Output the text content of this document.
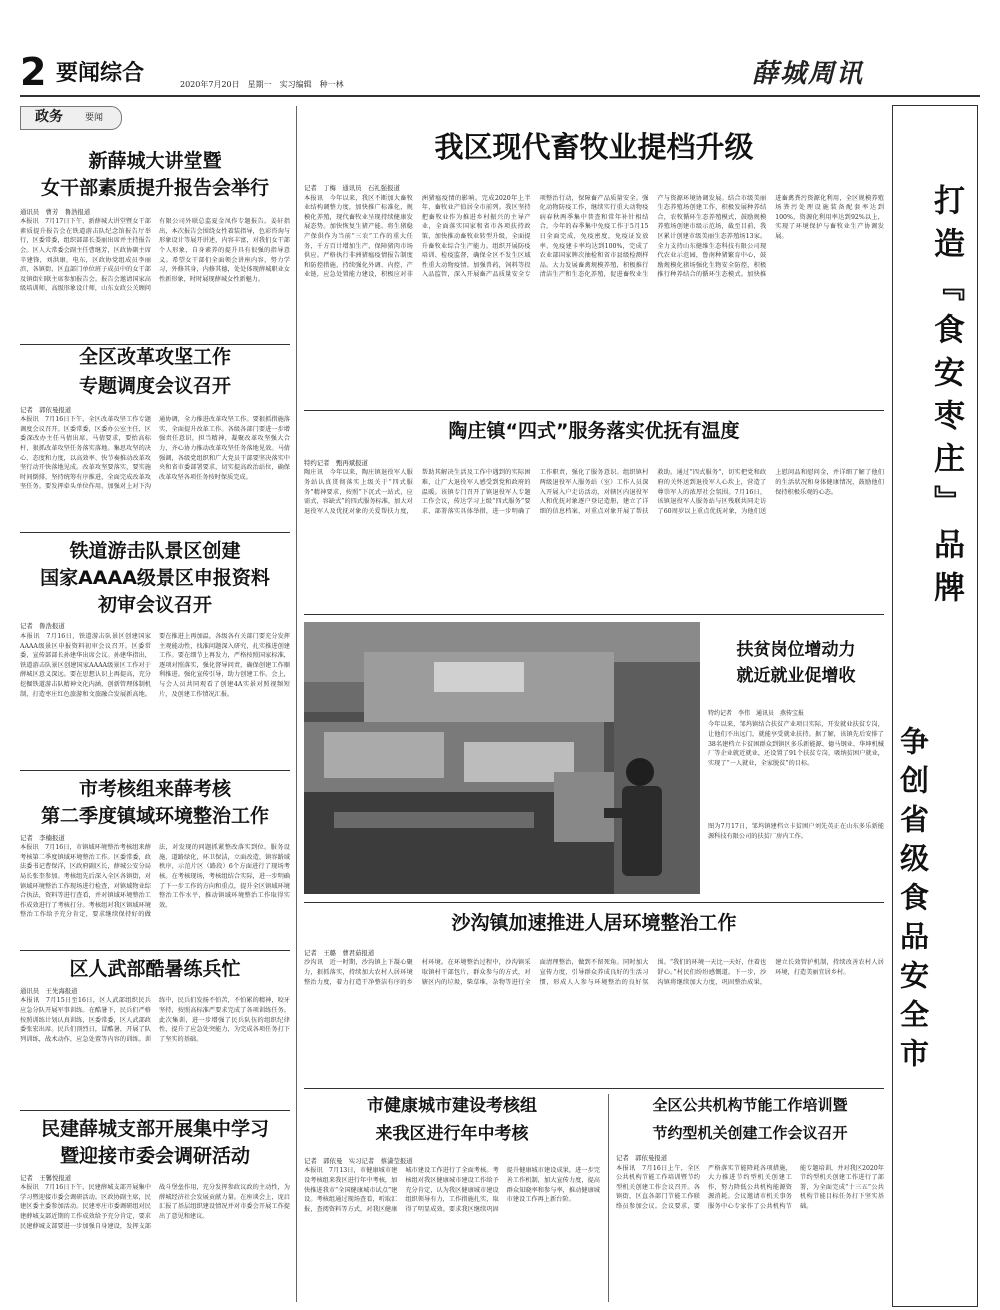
2 要闻综合	2020年7月20日　星期一　实习编辑　种一林	薛城周讯
政务 要闻
打造『食安枣庄』品牌
争创省级食品安全市
新薛城大讲堂暨
女干部素质提升报告会举行
通讯员　曹芳　鲁浩报道
本报讯　7月17日下午，新薛城大讲堂暨女干部素质提升报告会在铁道游击队纪念馆报告厅举行，区委常委，组织部部长娄丽出席并主持报告会。区人大常委会副主任曹继芳，区政协副主席辛建锋，刘洪康，电东，区政协党组成员李丽滨，各镇街、区直部门单位班子成员中的女干部及镇街妇联主席参加报告会。报告会邀请国家高级培训师，高级形象设计师，山东女政公关顾问有限公司外联总监夏金凤作专题报告。姜轩指出，本次报告会围绕女性着装指导，色彩咨询与形象设计等展开讲述，内容丰富，对我们女干部个人形象，自身素养的提升具有很强的指导意义。希望女干部们全面领会讲座内容，努力学习，外修其身，内修其德，处处体现薛城职业女性新形象，时时展现薛城女性新魅力。
全区改革攻坚工作
专题调度会议召开
记者　郭依曼报道
本报讯　7月16日下午，全区改革攻坚工作专题调度会议召开。区委常委，区委办公室主任，区委深改办主任马倩出席。马倩要求，要抬高标杆，狠抓改革攻坚任务落实落地。集思攻坚的决心、态度和力度，以高效率、快节奏推动改革攻坚行动开快落地见成。改革攻坚要落实，要实施时间倒排，坚持统筹有序推进，全面完成改革攻坚任务。要发挥牵头单位作用，加强对上对下沟通协调，全力推进改革攻坚工作。要狠抓措施落实，全面提升改革工作。各级各部门要进一步增强责任意识，担当精神，凝聚改革攻坚强大合力，齐心协力推动改革攻坚任务落地见效。马倩强调，各级党组织和广大党员干部要坚决落实中央和省市委部署要求，切实提高政治站位，确保改革攻坚各项任务按时保质完成。
铁道游击队景区创建
国家AAAA级景区申报资料
初审会议召开
记者　鲁浩报道
本报讯　7月16日，铁道游击队景区创建国家AAAA级景区申报资料初审会议召开。区委常委，宣传部部长孙建华出席会议。孙建华指出，铁道游击队景区创建国家AAAA级景区工作对于薛城区意义深远。要在思想认识上再提高，充分挖掘铁道游击队精神文化内涵，创新管理体制机制，打造枣庄红色旅游和文旅融合发展新高地。要在推进上再加温，各级各有关部门要充分发挥主观能动性，找准问题深入研究，扎实推进创建工作。要在细节上再发力，严格按照国家标准，逐项对照落实，强化督导问责，确保创建工作顺利推进。强化宣传引导，助力创建工作。会上，与会人员共同观看了创建4A实景对照视频短片，及创建工作情况汇报。
市考核组来薛考核
第二季度镇域环境整治工作
记者　李楠报道
本报讯　7月16日，市镇域环境整治考核组来薛考核第二季度镇域环境整治工作。区委常委，政法委书记曹保洋，区政府副区长，薛城公安分局局长张奎参加。考核组先后深入全区各镇街，对镇域环境整治工作现场进行检查，对镇域物业综合执法，资料等进行查看，并对镇域环境整治工作成效进行了考核打分。考核组对我区镇域环境整治工作给予充分肯定，要求继续保持好的做法，对发现的问题抓紧整改落实到位。服务设施，道路绿化，环卫保洁，立面改造，镇容路域秩序，示范片区（路段）6个方面进行了现场考核。在考核现场，考核组结合实际，进一步明确了下一步工作的方向和重点，提升全区镇域环境整治工作水平，推动镇域环境整治工作取得实效。
区人武部酷暑练兵忙
通讯员　王先海报道
本报讯　7月15日至16日，区人武部组织民兵应急分队开展军事训练。在酷暑下，民兵们严格按照训练计划认真训练，区委常委，区人武部政委张宏出席。民兵们顶烈日，冒酷暑，开展了队列训练，战术动作，应急处置等内容的训练。训练中，民兵们发扬不怕苦，不怕累的精神，咬牙坚持，按照高标准严要求完成了各项训练任务。此次集训，进一步增强了民兵队伍的组织纪律性，提升了应急处突能力，为完成各项任务打下了坚实的基础。
民建薛城支部开展集中学习
暨迎接市委会调研活动
记者　王馨悦报道
本报讯　7月16日下午，民建薛城支部开展集中学习暨迎接市委会调研活动。区政协副主席，民建区委主委参加活动。民建枣庄市委调研组对民建薛城支部近期的工作成效给予充分肯定，要求民建薛城支部要进一步加强自身建设，发挥支部战斗堡垒作用，充分发挥参政议政的主动性，为薛城经济社会发展贡献力量。在座谈会上，庞启汇报了基层组织建设情况并对市委会开展工作提出了意见和建议。
我区现代畜牧业提档升级
记者　丁梅　通讯员　石礼强报道
本报讯　今年以来，我区不断加大畜牧业结构调整力度，加快推广标准化，规模化养殖，现代畜牧业呈现持续健康发展态势。加快恢复生猪产能。将生猪稳产保供作为当前“三农”工作的重大任务，千方百计增加生产，保障猪肉市场供应。严格执行非洲猪瘟疫情报告制度和防控措施，持续强化外调、内控，产业链，应急处置能力建设，积极应对非洲猪瘟疫情的影响。完成2020年上半年，畜牧业产值居全市前列。我区坚持把畜牧业作为推进乡村振兴的主导产业，全面落实国家和省市各项扶持政策，加快推动畜牧业转型升级，全面提升畜牧业综合生产能力。组织开展防疫培训、检疫监督，确保全区不发生区域性重大动物疫情。加强兽药，饲料等投入品监管，深入开展畜产品质量安全专项整治行动，保障畜产品质量安全。强化动物防疫工作，继续实行重大动物疫病春秋两季集中普查和常年补针相结合，今年的春季集中免疫工作于5月15日全面完成，免疫密度，免疫证发放率，免疫建卡率均达到100%，完成了农业部国家牌次抽检和省市县级检测样品。大力发展畜禽规模养殖，积极推行清洁生产和生态化养殖，促进畜牧业生产与资源环境协调发展。结合市级美丽生态养殖场创建工作，积极发展种养结合，农牧循环生态养殖模式，鼓励规模养殖场创建市级示范场，截至目前，我区累计创建市级美丽生态养殖场13家。全力支持山东健维生态科技有限公司现代农业示范园，鲁南种猪繁育中心，鼓励规模化猪场强化生物安全防控，积极推行种养结合的循环生态模式。加快推进畜禽粪污资源化利用，全区规模养殖场粪污处理设施装备配套率达到100%，资源化利用率达到92%以上，实现了环境保护与畜牧业生产协调发展。
陶庄镇“四式”服务落实优抚有温度
特约记者　甄再斌报道
陶庄讯　今年以来，陶庄镇退役军人服务站认真贯彻落实上级关于“四式服务”精神要求，按照“下沉式一站式，应需式，容缺式”的四式服务标准，加大对退役军人及优抚对象的关爱帮扶力度，帮助其解决生活及工作中遇到的实际困难，让广大退役军人感受到党和政府的温暖。该镇专门召开了镇退役军人专题工作会议，传达学习上级“四式服务”要求，部署落实具体举措，进一步明确了工作职责，强化了服务意识。组织镇村两级退役军人服务站（室）工作人员深入开展入户走访活动，对辖区内退役军人和优抚对象逐户登记造册，建立了详细的信息档案，对重点对象开展了帮扶救助。通过“四式服务”，切实把党和政府的关怀送到退役军人心坎上，营造了尊崇军人的浓厚社会氛围。7月16日，该镇退役军人服务站与区残联共同走访了60周岁以上重点优抚对象，为他们送上慰问品和慰问金，并详细了解了他们的生活状况和身体健康情况，鼓励他们保持积极乐观的心态。
扶贫岗位增动力
就近就业促增收
特约记者　李伟　通讯员　燕传宝报
今年以来，邹坞镇结合扶贫产业项目实际，开发就业扶贫专岗，让他们不出远门，就能享受就业扶持。据了解，该镇先后安排了38名建档立卡贫困群众到镇区多乐新能源、德马钢业、华坤机械厂等企业就近就业，还设置了91个扶贫专岗，吸纳贫困户就业，实现了“一人就业，全家脱贫”的目标。
图为7月17日，邹坞镇建档立卡贫困户刘先英正在山东多乐新能源科技有限公司的扶贫厂房内工作。
沙沟镇加速推进人居环境整治工作
记者　王璐　曹君茹报道
沙沟讯　近一时期，沙沟镇上下凝心聚力，狠抓落实，持续加大农村人居环境整治力度，着力打造干净整洁有序的乡村环境。在环境整治过程中，沙沟镇采取镇村干部包片，群众参与的方式，对辖区内的垃圾，柴草堆，杂物等进行全面清理整治，做到不留死角。同时加大宣传力度，引导群众养成良好的生活习惯，形成人人参与环境整治的良好氛围。“我们的环境一天比一天好，住着也舒心。”村民们纷纷感慨道。下一步，沙沟镇将继续加大力度，巩固整治成果，建立长效管护机制，持续改善农村人居环境，打造美丽宜居乡村。
市健康城市建设考核组
来我区进行年中考核
记者　郭依曼　实习记者　蔡潇莹报道
本报讯　7月13日，市健康城市建设考核组来我区进行年中考核，加快推进我市“全国健康城市试点”建设。考核组通过现场查看，听取汇报，查阅资料等方式，对我区健康城市建设工作进行了全面考核。考核组对我区健康城市建设工作给予充分肯定，认为我区健康城市建设组织领导有力，工作措施扎实，取得了明显成效。要求我区继续巩固提升健康城市建设成果，进一步完善工作机制，加大宣传力度，提高群众知晓率和参与率，推动健康城市建设工作再上新台阶。
全区公共机构节能工作培训暨
节约型机关创建工作会议召开
记者　郭依曼报道
本报讯　7月16日上午，全区公共机构节能工作培训暨节约型机关创建工作会议召开。各镇街，区直各部门节能工作联络员参加会议。会议要求，要严格落实节能降耗各项措施，大力推进节约型机关创建工作，努力降低公共机构能源资源消耗。会议邀请市机关事务服务中心专家作了公共机构节能专题培训，并对我区2020年节约型机关创建工作进行了部署，为全面完成“十三五”公共机构节能目标任务打下坚实基础。
